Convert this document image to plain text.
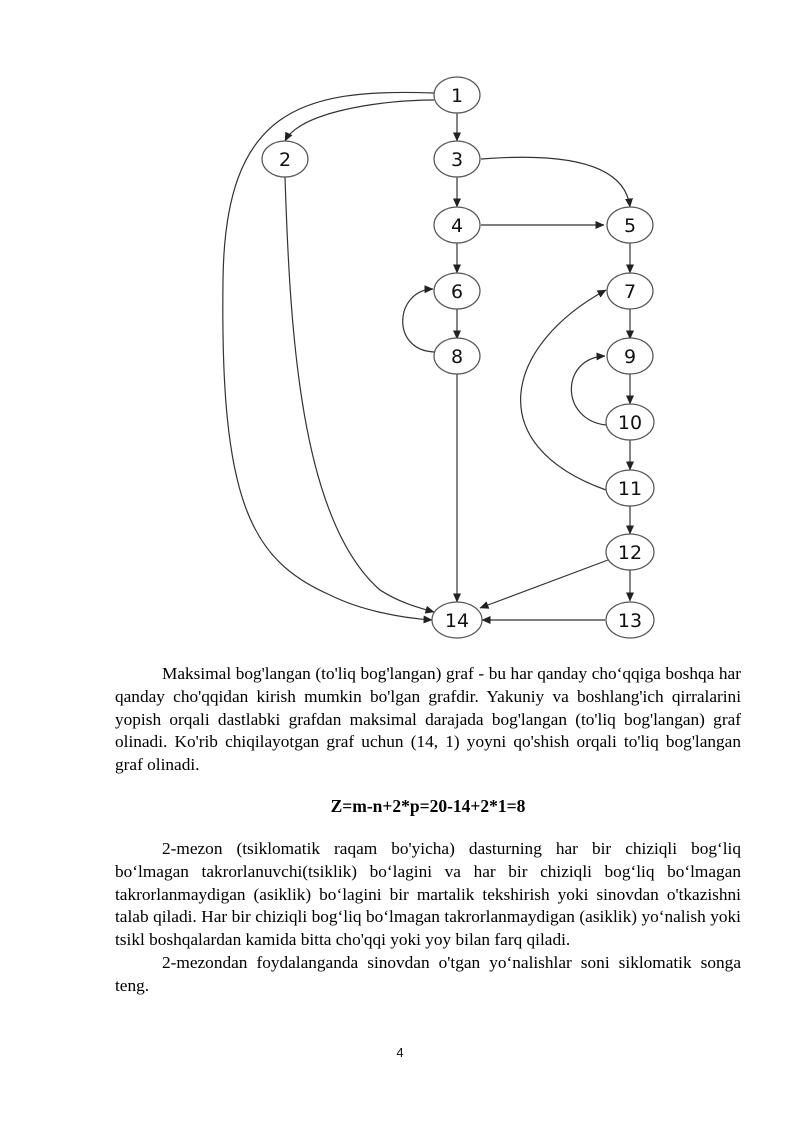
1
2	3
4	5
6	7
8	9
10
11
12
13
14

Maksimal bog'langan (to'liq bog'langan) graf - bu har qanday cho‘qqiga boshqa har qanday cho'qqidan kirish mumkin bo'lgan grafdir. Yakuniy va boshlang'ich qirralarini yopish orqali dastlabki grafdan maksimal darajada bog'langan (to'liq bog'langan) graf olinadi. Ko'rib chiqilayotgan graf uchun (14, 1) yoyni qo'shish orqali to'liq bog'langan graf olinadi.

Z=m-n+2*p=20-14+2*1=8

2-mezon (tsiklomatik raqam bo'yicha) dasturning har bir chiziqli bog‘liq bo‘lmagan takrorlanuvchi(tsiklik) bo‘lagini va har bir chiziqli bog‘liq bo‘lmagan takrorlanmaydigan (asiklik) bo‘lagini bir martalik tekshirish yoki sinovdan o'tkazishni talab qiladi. Har bir chiziqli bog‘liq bo‘lmagan takrorlanmaydigan (asiklik) yo‘nalish yoki tsikl boshqalardan kamida bitta cho'qqi yoki yoy bilan farq qiladi.

2-mezondan foydalanganda sinovdan o'tgan yo‘nalishlar soni siklomatik songa teng.

4
